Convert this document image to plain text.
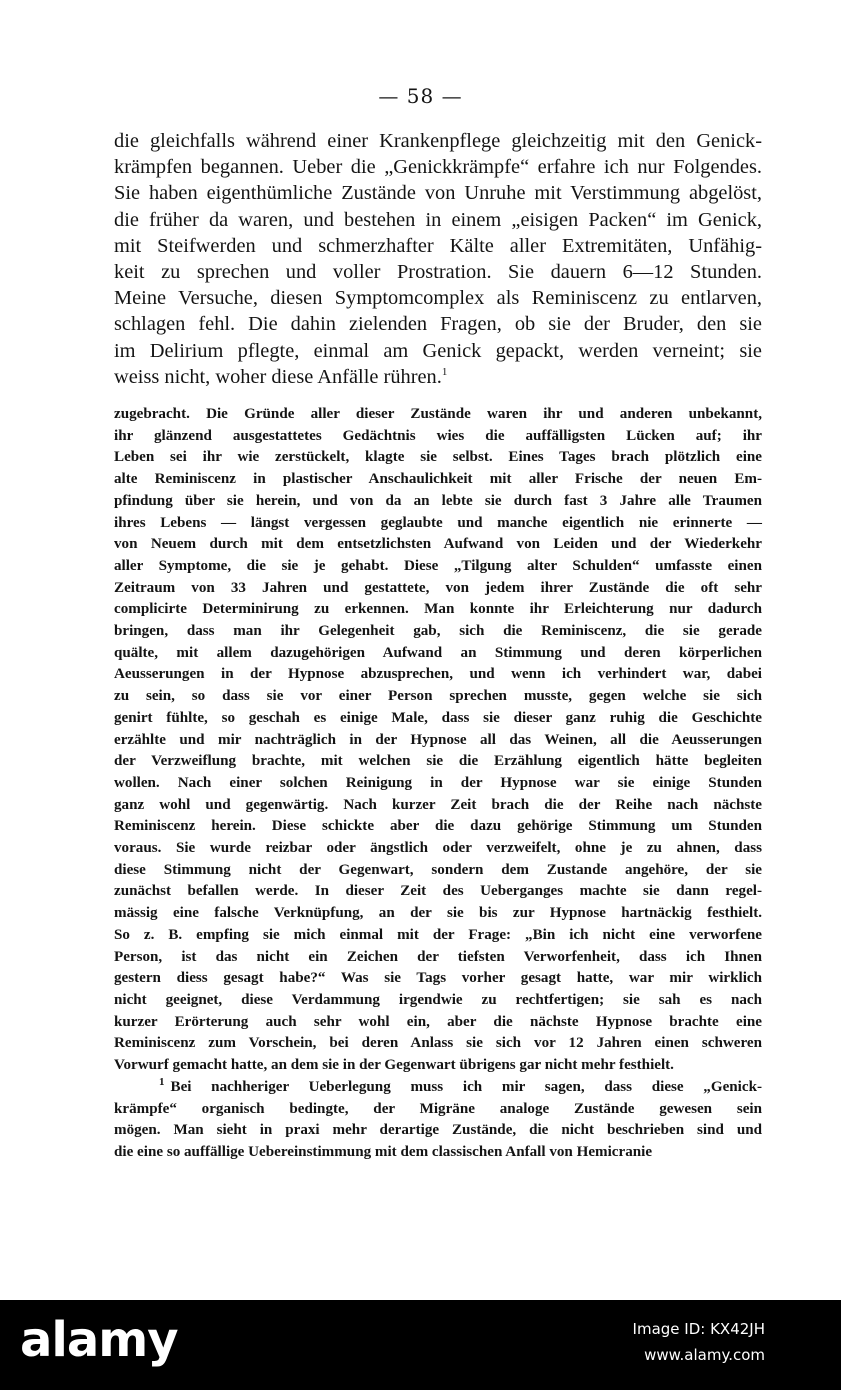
— 58 —
die gleichfalls während einer Krankenpflege gleichzeitig mit den Genick-
krämpfen begannen. Ueber die „Genickkrämpfe“ erfahre ich nur Folgendes.
Sie haben eigenthümliche Zustände von Unruhe mit Verstimmung abgelöst,
die früher da waren, und bestehen in einem „eisigen Packen“ im Genick,
mit Steifwerden und schmerzhafter Kälte aller Extremitäten, Unfähig-
keit zu sprechen und voller Prostration. Sie dauern 6—12 Stunden.
Meine Versuche, diesen Symptomcomplex als Reminiscenz zu entlarven,
schlagen fehl. Die dahin zielenden Fragen, ob sie der Bruder, den sie
im Delirium pflegte, einmal am Genick gepackt, werden verneint; sie
weiss nicht, woher diese Anfälle rühren.$^1$
zugebracht. Die Gründe aller dieser Zustände waren ihr und anderen unbekannt,
ihr glänzend ausgestattetes Gedächtnis wies die auffälligsten Lücken auf; ihr
Leben sei ihr wie zerstückelt, klagte sie selbst. Eines Tages brach plötzlich eine
alte Reminiscenz in plastischer Anschaulichkeit mit aller Frische der neuen Em-
pfindung über sie herein, und von da an lebte sie durch fast 3 Jahre alle Traumen
ihres Lebens — längst vergessen geglaubte und manche eigentlich nie erinnerte —
von Neuem durch mit dem entsetzlichsten Aufwand von Leiden und der Wiederkehr
aller Symptome, die sie je gehabt. Diese „Tilgung alter Schulden“ umfasste einen
Zeitraum von 33 Jahren und gestattete, von jedem ihrer Zustände die oft sehr
complicirte Determinirung zu erkennen. Man konnte ihr Erleichterung nur dadurch
bringen, dass man ihr Gelegenheit gab, sich die Reminiscenz, die sie gerade
quälte, mit allem dazugehörigen Aufwand an Stimmung und deren körperlichen
Aeusserungen in der Hypnose abzusprechen, und wenn ich verhindert war, dabei
zu sein, so dass sie vor einer Person sprechen musste, gegen welche sie sich
genirt fühlte, so geschah es einige Male, dass sie dieser ganz ruhig die Geschichte
erzählte und mir nachträglich in der Hypnose all das Weinen, all die Aeusserungen
der Verzweiflung brachte, mit welchen sie die Erzählung eigentlich hätte begleiten
wollen. Nach einer solchen Reinigung in der Hypnose war sie einige Stunden
ganz wohl und gegenwärtig. Nach kurzer Zeit brach die der Reihe nach nächste
Reminiscenz herein. Diese schickte aber die dazu gehörige Stimmung um Stunden
voraus. Sie wurde reizbar oder ängstlich oder verzweifelt, ohne je zu ahnen, dass
diese Stimmung nicht der Gegenwart, sondern dem Zustande angehöre, der sie
zunächst befallen werde. In dieser Zeit des Ueberganges machte sie dann regel-
mässig eine falsche Verknüpfung, an der sie bis zur Hypnose hartnäckig festhielt.
So z. B. empfing sie mich einmal mit der Frage: „Bin ich nicht eine verworfene
Person, ist das nicht ein Zeichen der tiefsten Verworfenheit, dass ich Ihnen
gestern diess gesagt habe?“ Was sie Tags vorher gesagt hatte, war mir wirklich
nicht geeignet, diese Verdammung irgendwie zu rechtfertigen; sie sah es nach
kurzer Erörterung auch sehr wohl ein, aber die nächste Hypnose brachte eine
Reminiscenz zum Vorschein, bei deren Anlass sie sich vor 12 Jahren einen schweren
Vorwurf gemacht hatte, an dem sie in der Gegenwart übrigens gar nicht mehr festhielt.
$^1$ Bei nachheriger Ueberlegung muss ich mir sagen, dass diese „Genick-
krämpfe“ organisch bedingte, der Migräne analoge Zustände gewesen sein
mögen. Man sieht in praxi mehr derartige Zustände, die nicht beschrieben sind und
die eine so auffällige Uebereinstimmung mit dem classischen Anfall von Hemicranie
alamy	Image ID: KX42JH
www.alamy.com
